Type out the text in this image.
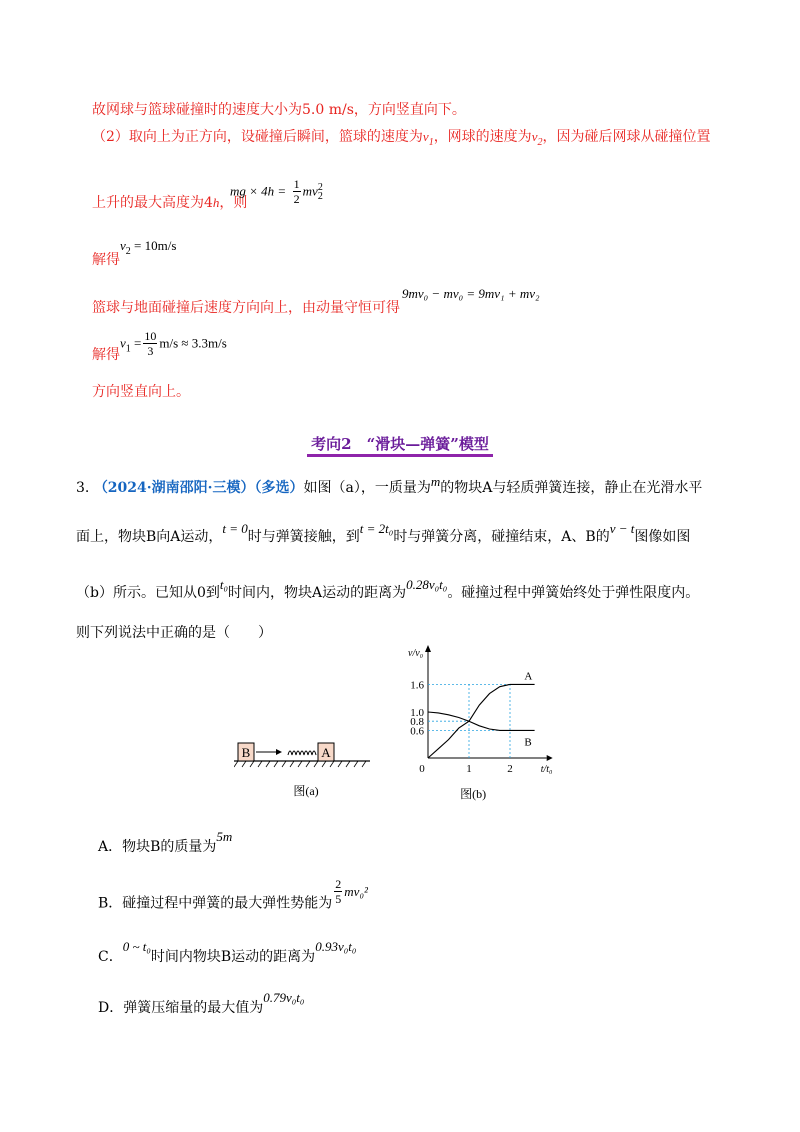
故网球与篮球碰撞时的速度大小为5.0 m/s，方向竖直向下。
（2）取向上为正方向，设碰撞后瞬间，篮球的速度为$v_1$，网球的速度为$v_2$，因为碰后网球从碰撞位置
上升的最大高度为4h，则
mg × $4h = \frac{1}{2}$ mv 2
2
解得
$v_2 = 10m/s$
篮球与地面碰撞后速度方向向上，由动量守恒可得
9mv₀ − mv₀ = 9mv₁ + mv₂
解得
$v_1 = \frac{10}{3} m/s \approx 3.3m/s$
方向竖直向上。
考向2　“滑块—弹簧”模型
3. （2024·湖南邵阳·三模）（多选）如图（a），一质量为m的物块A与轻质弹簧连接，静止在光滑水平
面上，物块B向A运动，t = 0时与弹簧接触，到t = 2t₀时与弹簧分离，碰撞结束，A、B的v − t图像如图
（b）所示。已知从0到t₀时间内，物块A运动的距离为0.28v₀t₀。碰撞过程中弹簧始终处于弹性限度内。
则下列说法中正确的是（　　）
B	A
图(a)
A
B
1.6
1.0
0.8
0.6
1	2
0
v/v₀
t/t₀
图(b)
A．物块B的质量为5m
B．碰撞过程中弹簧的最大弹性势能为 $\frac{2}{5} mv_0^2$
C．0 ~ t₀时间内物块B运动的距离为0.93v₀t₀
D．弹簧压缩量的最大值为0.79v₀t₀
